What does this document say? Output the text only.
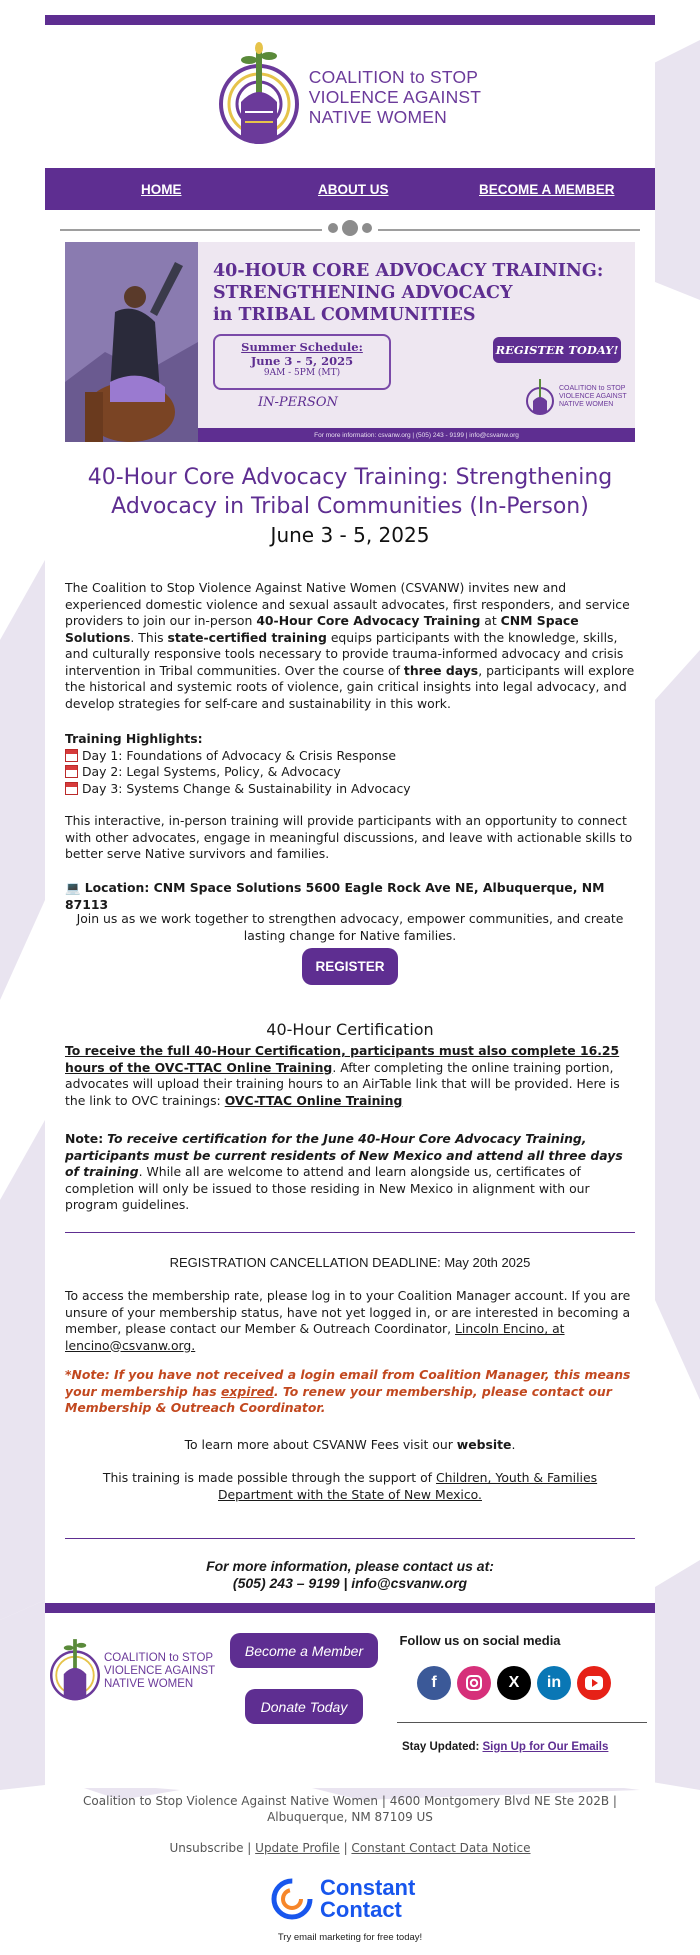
COALITION to STOP
VIOLENCE AGAINST
NATIVE WOMEN
HOME	ABOUT US	BECOME A MEMBER
40-HOUR CORE ADVOCACY TRAINING:
STRENGTHENING ADVOCACY
in TRIBAL COMMUNITIES
Summer Schedule:
June 3 - 5, 2025
9AM - 5PM (MT)
IN-PERSON
REGISTER TODAY!
COALITION to STOP
VIOLENCE AGAINST
NATIVE WOMEN
For more information: csvanw.org | (505) 243 - 9199 | info@csvanw.org
40-Hour Core Advocacy Training: Strengthening Advocacy in Tribal Communities (In-Person)
June 3 - 5, 2025
The Coalition to Stop Violence Against Native Women (CSVANW) invites new and experienced domestic violence and sexual assault advocates, first responders, and service providers to join our in-person 40-Hour Core Advocacy Training at CNM Space Solutions. This state-certified training equips participants with the knowledge, skills, and culturally responsive tools necessary to provide trauma-informed advocacy and crisis intervention in Tribal communities. Over the course of three days, participants will explore the historical and systemic roots of violence, gain critical insights into legal advocacy, and develop strategies for self-care and sustainability in this work.
Training Highlights:
Day 1: Foundations of Advocacy & Crisis Response
Day 2: Legal Systems, Policy, & Advocacy
Day 3: Systems Change & Sustainability in Advocacy
This interactive, in-person training will provide participants with an opportunity to connect with other advocates, engage in meaningful discussions, and leave with actionable skills to better serve Native survivors and families.
💻 Location: CNM Space Solutions 5600 Eagle Rock Ave NE, Albuquerque, NM 87113
Join us as we work together to strengthen advocacy, empower communities, and create lasting change for Native families.
REGISTER
40-Hour Certification
To receive the full 40-Hour Certification, participants must also complete 16.25 hours of the OVC-TTAC Online Training. After completing the online training portion, advocates will upload their training hours to an AirTable link that will be provided. Here is the link to OVC trainings: OVC-TTAC Online Training
Note: To receive certification for the June 40-Hour Core Advocacy Training, participants must be current residents of New Mexico and attend all three days of training. While all are welcome to attend and learn alongside us, certificates of completion will only be issued to those residing in New Mexico in alignment with our program guidelines.
REGISTRATION CANCELLATION DEADLINE: May 20th 2025
To access the membership rate, please log in to your Coalition Manager account. If you are unsure of your membership status, have not yet logged in, or are interested in becoming a member, please contact our Member & Outreach Coordinator, Lincoln Encino, at lencino@csvanw.org.
*Note: If you have not received a login email from Coalition Manager, this means your membership has expired. To renew your membership, please contact our Membership & Outreach Coordinator.
To learn more about CSVANW Fees visit our website.
This training is made possible through the support of Children, Youth & Families Department with the State of New Mexico.
For more information, please contact us at:
(505) 243 – 9199 | info@csvanw.org
COALITION to STOP
VIOLENCE AGAINST
NATIVE WOMEN
Become a Member
Donate Today
Follow us on social media
f	X	in
Stay Updated: Sign Up for Our Emails
Coalition to Stop Violence Against Native Women | 4600 Montgomery Blvd NE Ste 202B | Albuquerque, NM 87109 US
Unsubscribe | Update Profile | Constant Contact Data Notice
Constant
Contact
Try email marketing for free today!
